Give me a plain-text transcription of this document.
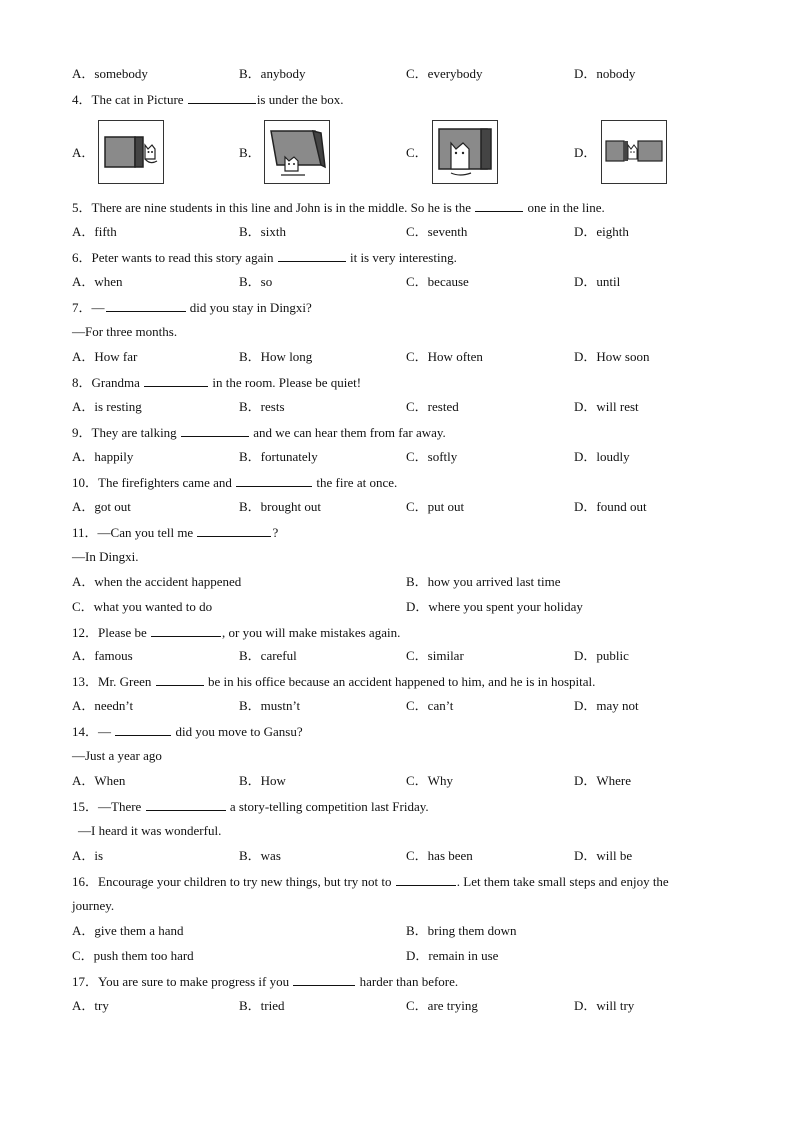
A．somebody	B．anybody	C．everybody	D．nobody
4．The cat in Picture	is under the box.
A．	B．	C．	D．
5．There are nine students in this line and John is in the middle. So he is the	one in the line.
A．fifth	B．sixth	C．seventh	D．eighth
6．Peter wants to read this story again	it is very interesting.
A．when	B．so	C．because	D．until
7．—	did you stay in Dingxi?
—For three months.
A．How far	B．How long	C．How often	D．How soon
8．Grandma	in the room. Please be quiet!
A．is resting	B．rests	C．rested	D．will rest
9．They are talking	and we can hear them from far away.
A．happily	B．fortunately	C．softly	D．loudly
10．The firefighters came and	the fire at once.
A．got out	B．brought out	C．put out	D．found out
11．—Can you tell me	?
—In Dingxi.
A．when the accident happened	B．how you arrived last time
C．what you wanted to do	D．where you spent your holiday
12．Please be	, or you will make mistakes again.
A．famous	B．careful	C．similar	D．public
13．Mr. Green	be in his office because an accident happened to him, and he is in hospital.
A．needn’t	B．mustn’t	C．can’t	D．may not
14．—	did you move to Gansu?
—Just a year ago
A．When	B．How	C．Why	D．Where
15．—There	a story-telling competition last Friday.
—I heard it was wonderful.
A．is	B．was	C．has been	D．will be
16．Encourage your children to try new things, but try not to	. Let them take small steps and enjoy the
journey.
A．give them a hand	B．bring them down
C．push them too hard	D．remain in use
17．You are sure to make progress if you	harder than before.
A．try	B．tried	C．are trying	D．will try
